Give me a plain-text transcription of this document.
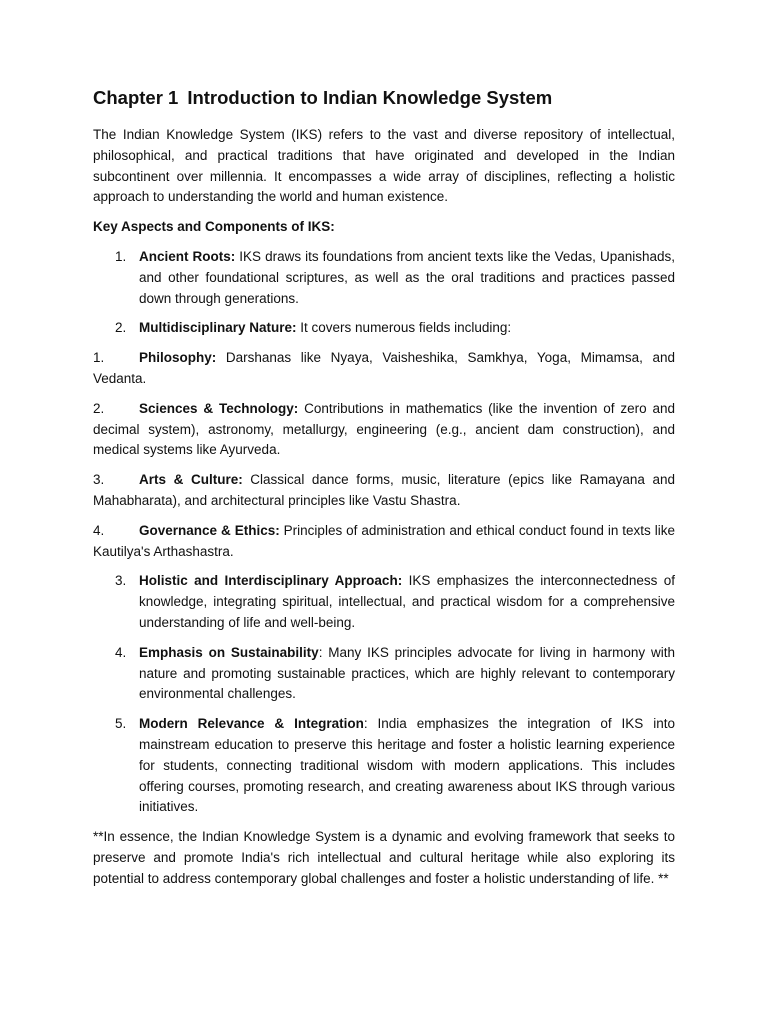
Chapter 1 Introduction to Indian Knowledge System

The Indian Knowledge System (IKS) refers to the vast and diverse repository of intellectual, philosophical, and practical traditions that have originated and developed in the Indian subcontinent over millennia. It encompasses a wide array of disciplines, reflecting a holistic approach to understanding the world and human existence.

Key Aspects and Components of IKS:
1. Ancient Roots: IKS draws its foundations from ancient texts like the Vedas, Upanishads, and other foundational scriptures, as well as the oral traditions and practices passed down through generations.
2. Multidisciplinary Nature: It covers numerous fields including:
1.	Philosophy: Darshanas like Nyaya, Vaisheshika, Samkhya, Yoga, Mimamsa, and Vedanta.
2.	Sciences & Technology: Contributions in mathematics (like the invention of zero and decimal system), astronomy, metallurgy, engineering (e.g., ancient dam construction), and medical systems like Ayurveda.
3.	Arts & Culture: Classical dance forms, music, literature (epics like Ramayana and Mahabharata), and architectural principles like Vastu Shastra.
4.	Governance & Ethics: Principles of administration and ethical conduct found in texts like Kautilya's Arthashastra.
3. Holistic and Interdisciplinary Approach: IKS emphasizes the interconnectedness of knowledge, integrating spiritual, intellectual, and practical wisdom for a comprehensive understanding of life and well-being.
4. Emphasis on Sustainability: Many IKS principles advocate for living in harmony with nature and promoting sustainable practices, which are highly relevant to contemporary environmental challenges.
5. Modern Relevance & Integration: India emphasizes the integration of IKS into mainstream education to preserve this heritage and foster a holistic learning experience for students, connecting traditional wisdom with modern applications. This includes offering courses, promoting research, and creating awareness about IKS through various initiatives.

**In essence, the Indian Knowledge System is a dynamic and evolving framework that seeks to preserve and promote India's rich intellectual and cultural heritage while also exploring its potential to address contemporary global challenges and foster a holistic understanding of life. **
